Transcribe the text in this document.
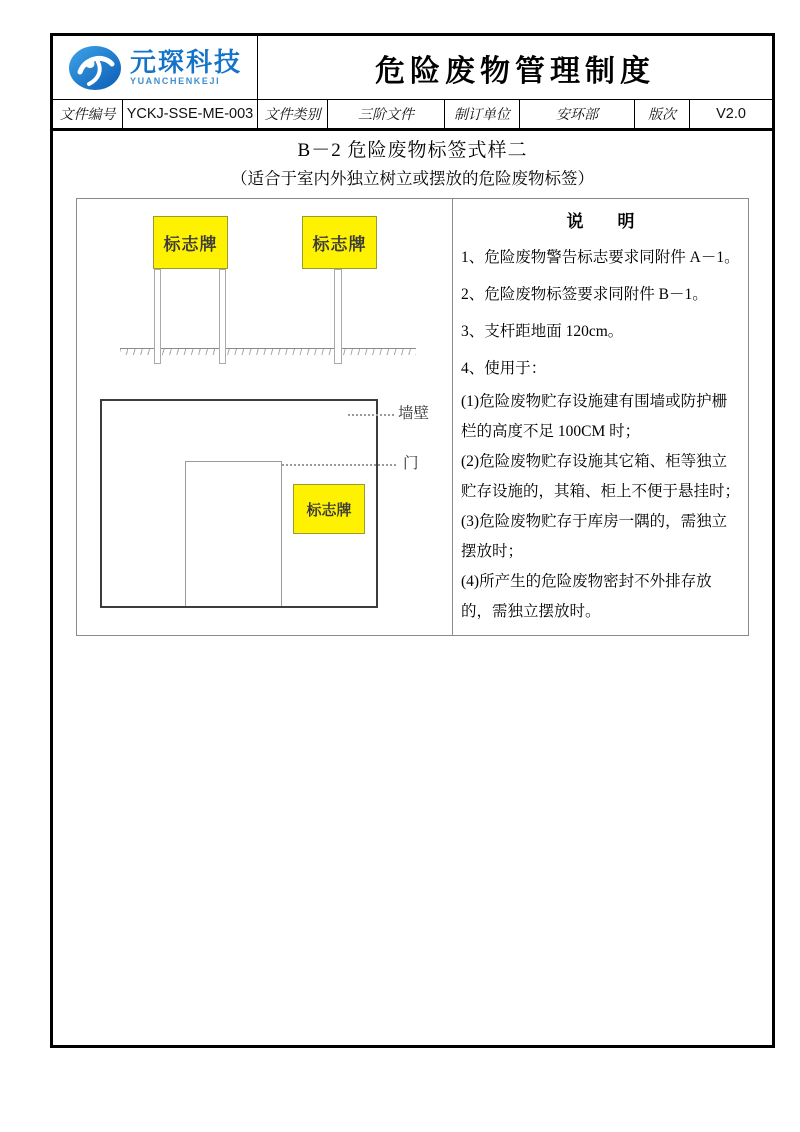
元琛科技
YUANCHENKEJI	危险废物管理制度
文件编号 YCKJ-SSE-ME-003 文件类别	三阶文件	制订单位	安环部	版次	V2.0
B－2 危险废物标签式样二
（适合于室内外独立树立或摆放的危险废物标签）
标志牌	标志牌
标志牌
墙壁
门
说　　明
1、危险废物警告标志要求同附件 A－1。
2、危险废物标签要求同附件 B－1。
3、支杆距地面 120cm。
4、使用于：
(1)危险废物贮存设施建有围墙或防护栅栏的高度不足 100CM 时；
(2)危险废物贮存设施其它箱、柜等独立贮存设施的，其箱、柜上不便于悬挂时；
(3)危险废物贮存于库房一隅的，需独立摆放时；
(4)所产生的危险废物密封不外排存放的，需独立摆放时。
